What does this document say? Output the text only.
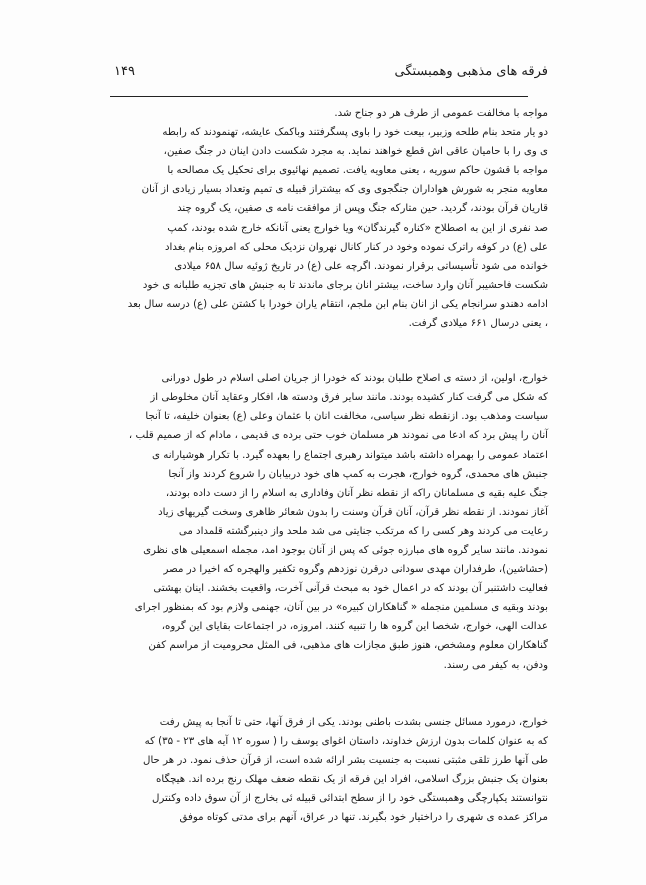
فرقه های مذهبی وهمبستگی
۱۴۹
مواجه با مخالفت عمومی از طرف هر دو جناح شد.
دو یار متحد بنام طلحه وزبیر، بیعت خود را باوی پسگرفتند وباکمک عایشه، تهنمودند که رابطه
ی وی را با حامیان عاقی اش قطع خواهند نماید. به مجرد شکست دادن اینان در جنگ صفین،
مواجه با قشون حاکم سوریه ، یعنی معاویه یافت. تصمیم نهائیوی برای تحکیل یک مصالحه با
معاویه منجر به شورش هواداران جنگجوی وی که بیشتراز قبیله ی تمیم وتعداد بسیار زیادی از آنان
قاریان قرآن بودند، گردید. حین متارکه جنگ وپس از موافقت نامه ی صفین، یک گروه چند
صد نفری از این به اصطلاح «کناره گیرندگان» ویا خوارج یعنی آنانکه خارج شده بودند، کمپ
علی (ع) در کوفه راترک نموده وخود در کنار کانال نهروان نزدیک محلی که امروزه بنام بغداد
خوانده می شود تأسیساتی برقرار نمودند. اگرچه علی (ع) در تاریخ ژوئیه سال ۶۵۸ میلادی
شکست فاحشیبر آنان وارد ساخت، بیشتر انان برجای ماندند تا به جنبش های تجزیه طلبانه ی خود
ادامه دهندو سرانجام یکی از انان بنام ابن ملجم، انتقام یاران خودرا با کشتن علی (ع) درسه سال بعد
، یعنی درسال ۶۶۱ میلادی گرفت.
خوارج، اولین، از دسته ی اصلاح طلبان بودند که خودرا از جریان اصلی اسلام در طول دورانی
که شکل می گرفت کنار کشیده بودند. مانند سایر فرق ودسته ها، افکار وعقاید آنان مخلوطی از
سیاست ومذهب بود. ازنقطه نظر سیاسی، مخالفت انان با عثمان وعلی (ع) بعنوان خلیفه، تا آنجا
آنان را پیش برد که ادعا می نمودند هر مسلمان خوب حتی برده ی قدیمی ، مادام که از صمیم قلب ،
اعتماد عمومی را بهمراه داشته باشد میتواند رهبری اجتماع را بعهده گیرد. با تکرار هوشیارانه ی
جنبش های محمدی، گروه خوارج، هجرت به کمپ های خود دربیابان را شروع کردند واز آنجا
جنگ علیه بقیه ی مسلمانان راکه از نقطه نظر آنان وفاداری به اسلام را از دست داده بودند،
آغاز نمودند. از نقطه نظر قرآن، آنان قرآن وسنت را بدون شعائر ظاهری وسخت گیریهای زیاد
رعایت می کردند وهر کسی را که مرتکب جنایتی می شد ملحد واز دینبرگشته قلمداد می
نمودند. مانند سایر گروه های مبارزه جوئی که پس از آنان بوجود امد، مجمله اسمعیلی های نظری
(حشاشین)، طرفداران مهدی سودانی درقرن نوزدهم وگروه تکفیر والهجره که اخیرا در مصر
فعالیت داشتنبر آن بودند که در اعمال خود به مبحث قرآنی آخرت، واقعیت بخشند. اینان بهشتی
بودند وبقیه ی مسلمین منجمله « گناهکاران کبیره» در بین آنان، جهنمی ولازم بود که بمنظور اجرای
عدالت الهی، خوارج، شخصا این گروه ها را تنبیه کنند. امروزه، در اجتماعات بقایای این گروه،
گناهکاران معلوم ومشخص، هنوز طبق مجازات های مذهبی، فی المثل محرومیت از مراسم کفن
ودفن، به کیفر می رسند.
خوارج، درمورد مسائل جنسی بشدت باطنی بودند. یکی از فرق آنها، حتی تا آنجا به پیش رفت
که به عنوان کلمات بدون ارزش خداوند، داستان اغوای یوسف را ( سوره ۱۲ آیه های ۲۳ - ۳۵) که
طی آنها طرز تلقی مثبتی نسبت به جنسیت بشر ارائه شده است، از قرآن حذف نمود. در هر حال
بعنوان یک جنبش بزرگ اسلامی، افراد این فرقه از یک نقطه ضعف مهلک رنج برده اند. هیچگاه
نتوانستند یکپارچگی وهمبستگی خود را از سطح ابتدائی قبیله ئی بخارج از آن سوق داده وکنترل
مراکز عمده ی شهری را دراختیار خود بگیرند. تنها در عراق، آنهم برای مدتی کوتاه موفق
